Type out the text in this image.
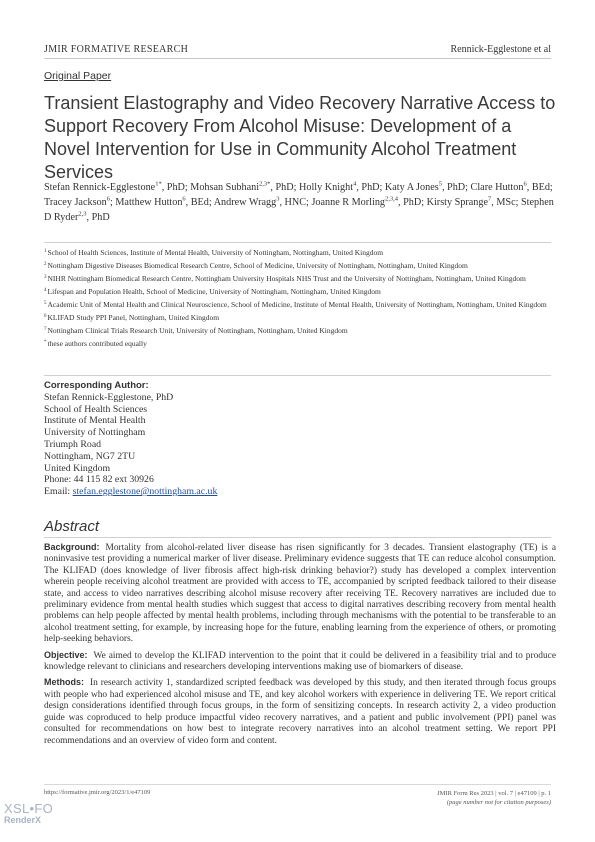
JMIR FORMATIVE RESEARCH	Rennick-Egglestone et al
Original Paper
Transient Elastography and Video Recovery Narrative Access to Support Recovery From Alcohol Misuse: Development of a Novel Intervention for Use in Community Alcohol Treatment Services
Stefan Rennick-Egglestone$^{1*}$, PhD; Mohsan Subhani$^{2,3*}$, PhD; Holly Knight$^4$, PhD; Katy A Jones$^5$, PhD; Clare Hutton$^6$, BEd; Tracey Jackson$^6$; Matthew Hutton$^6$, BEd; Andrew Wragg$^3$, HNC; Joanne R Morling$^{2,3,4}$, PhD; Kirsty Sprange$^7$, MSc; Stephen D Ryder$^{2,3}$, PhD
$^1$School of Health Sciences, Institute of Mental Health, University of Nottingham, Nottingham, United Kingdom
$^2$Nottingham Digestive Diseases Biomedical Research Centre, School of Medicine, University of Nottingham, Nottingham, United Kingdom
$^3$NIHR Nottingham Biomedical Research Centre, Nottingham University Hospitals NHS Trust and the University of Nottingham, Nottingham, United Kingdom
$^4$Lifespan and Population Health, School of Medicine, University of Nottingham, Nottingham, United Kingdom
$^5$Academic Unit of Mental Health and Clinical Neuroscience, School of Medicine, Institute of Mental Health, University of Nottingham, Nottingham, United Kingdom
$^6$KLIFAD Study PPI Panel, Nottingham, United Kingdom
$^7$Nottingham Clinical Trials Research Unit, University of Nottingham, Nottingham, United Kingdom
*these authors contributed equally
Corresponding Author:
Stefan Rennick-Egglestone, PhD
School of Health Sciences
Institute of Mental Health
University of Nottingham
Triumph Road
Nottingham, NG7 2TU
United Kingdom
Phone: 44 115 82 ext 30926
Email: stefan.egglestone@nottingham.ac.uk
Abstract

Background: Mortality from alcohol-related liver disease has risen significantly for 3 decades. Transient elastography (TE) is a noninvasive test providing a numerical marker of liver disease. Preliminary evidence suggests that TE can reduce alcohol consumption. The KLIFAD (does knowledge of liver fibrosis affect high-risk drinking behavior?) study has developed a complex intervention wherein people receiving alcohol treatment are provided with access to TE, accompanied by scripted feedback tailored to their disease state, and access to video narratives describing alcohol misuse recovery after receiving TE. Recovery narratives are included due to preliminary evidence from mental health studies which suggest that access to digital narratives describing recovery from mental health problems can help people affected by mental health problems, including through mechanisms with the potential to be transferable to an alcohol treatment setting, for example, by increasing hope for the future, enabling learning from the experience of others, or promoting help-seeking behaviors.

Objective: We aimed to develop the KLIFAD intervention to the point that it could be delivered in a feasibility trial and to produce knowledge relevant to clinicians and researchers developing interventions making use of biomarkers of disease.

Methods: In research activity 1, standardized scripted feedback was developed by this study, and then iterated through focus groups with people who had experienced alcohol misuse and TE, and key alcohol workers with experience in delivering TE. We report critical design considerations identified through focus groups, in the form of sensitizing concepts. In research activity 2, a video production guide was coproduced to help produce impactful video recovery narratives, and a patient and public involvement (PPI) panel was consulted for recommendations on how best to integrate recovery narratives into an alcohol treatment setting. We report PPI recommendations and an overview of video form and content.

https://formative.jmir.org/2023/1/e47109	JMIR Form Res 2023 | vol. 7 | e47109 | p. 1
(page number not for citation purposes)
XSL•FO
RenderX
